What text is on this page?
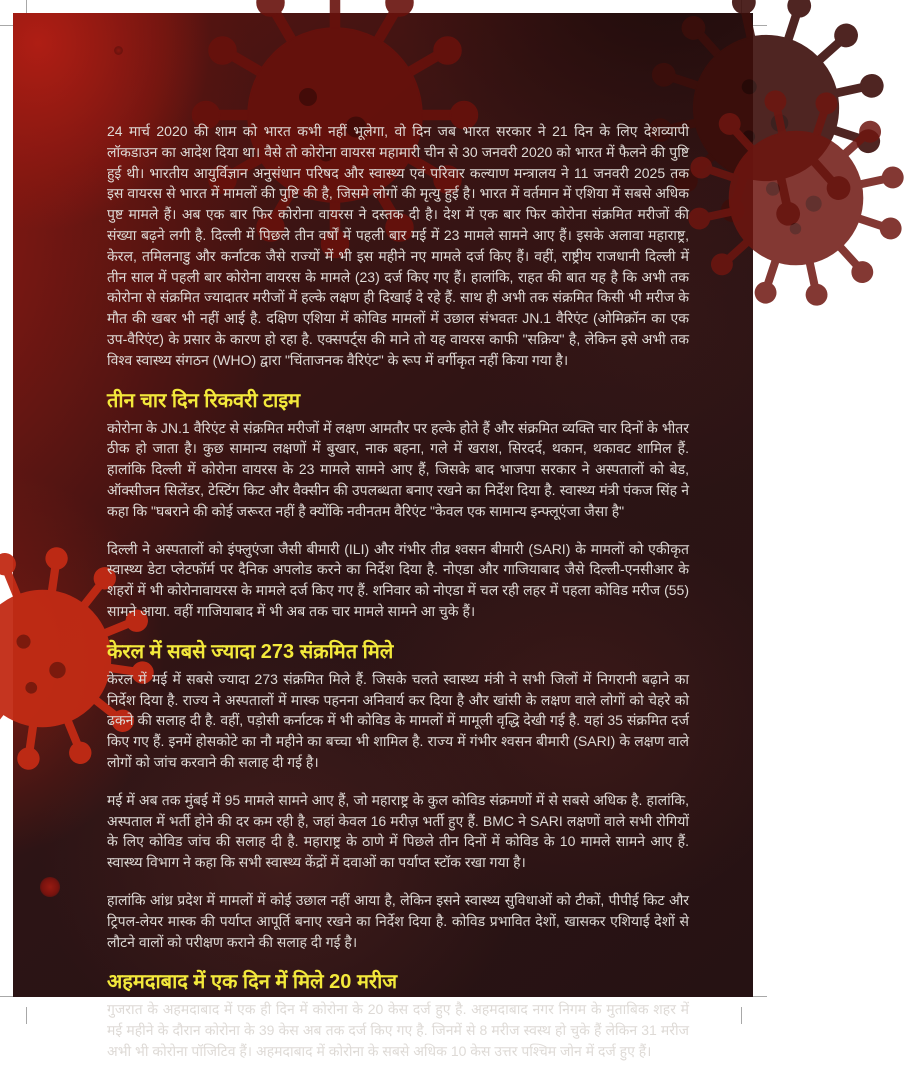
24 मार्च 2020 की शाम को भारत कभी नहीं भूलेगा, वो दिन जब भारत सरकार ने 21 दिन के लिए देशव्यापी लॉकडाउन का आदेश दिया था। वैसे तो कोरोना वायरस महामारी चीन से 30 जनवरी 2020 को भारत में फैलने की पुष्टि हुई थी। भारतीय आयुर्विज्ञान अनुसंधान परिषद और स्वास्थ्य एवं परिवार कल्याण मन्त्रालय ने 11 जनवरी 2025 तक इस वायरस से भारत में मामलों की पुष्टि की है, जिसमे लोगों की मृत्यु हुई है। भारत में वर्तमान में एशिया में सबसे अधिक पुष्ट मामले हैं। अब एक बार फिर कोरोना वायरस ने दस्तक दी है। देश में एक बार फिर कोरोना संक्रमित मरीजों की संख्या बढ़ने लगी है. दिल्ली में पिछले तीन वर्षों में पहली बार मई में 23 मामले सामने आए हैं। इसके अलावा महाराष्ट्र, केरल, तमिलनाडु और कर्नाटक जैसे राज्यों में भी इस महीने नए मामले दर्ज किए हैं। वहीं, राष्ट्रीय राजधानी दिल्ली में तीन साल में पहली बार कोरोना वायरस के मामले (23) दर्ज किए गए हैं। हालांकि, राहत की बात यह है कि अभी तक कोरोना से संक्रमित ज्यादातर मरीजों में हल्के लक्षण ही दिखाई दे रहे हैं. साथ ही अभी तक संक्रमित किसी भी मरीज के मौत की खबर भी नहीं आई है. दक्षिण एशिया में कोविड मामलों में उछाल संभवतः JN.1 वैरिएंट (ओमिक्रॉन का एक उप-वैरिएंट) के प्रसार के कारण हो रहा है. एक्सपर्ट्स की माने तो यह वायरस काफी "सक्रिय" है, लेकिन इसे अभी तक विश्व स्वास्थ्य संगठन (WHO) द्वारा "चिंताजनक वैरिएंट" के रूप में वर्गीकृत नहीं किया गया है।

तीन चार दिन रिकवरी टाइम

कोरोना के JN.1 वैरिएंट से संक्रमित मरीजों में लक्षण आमतौर पर हल्के होते हैं और संक्रमित व्यक्ति चार दिनों के भीतर ठीक हो जाता है। कुछ सामान्य लक्षणों में बुखार, नाक बहना, गले में खराश, सिरदर्द, थकान, थकावट शामिल हैं. हालांकि दिल्ली में कोरोना वायरस के 23 मामले सामने आए हैं, जिसके बाद भाजपा सरकार ने अस्पतालों को बेड, ऑक्सीजन सिलेंडर, टेस्टिंग किट और वैक्सीन की उपलब्धता बनाए रखने का निर्देश दिया है. स्वास्थ्य मंत्री पंकज सिंह ने कहा कि "घबराने की कोई जरूरत नहीं है क्योंकि नवीनतम वैरिएंट "केवल एक सामान्य इन्फ्लूएंजा जैसा है"

दिल्ली ने अस्पतालों को इंफ्लुएंजा जैसी बीमारी (ILI) और गंभीर तीव्र श्वसन बीमारी (SARI) के मामलों को एकीकृत स्वास्थ्य डेटा प्लेटफॉर्म पर दैनिक अपलोड करने का निर्देश दिया है. नोएडा और गाजियाबाद जैसे दिल्ली-एनसीआर के शहरों में भी कोरोनावायरस के मामले दर्ज किए गए हैं. शनिवार को नोएडा में चल रही लहर में पहला कोविड मरीज (55) सामने आया. वहीं गाजियाबाद में भी अब तक चार मामले सामने आ चुके हैं।

केरल में सबसे ज्यादा 273 संक्रमित मिले

केरल में मई में सबसे ज्यादा 273 संक्रमित मिले हैं. जिसके चलते स्वास्थ्य मंत्री ने सभी जिलों में निगरानी बढ़ाने का निर्देश दिया है. राज्य ने अस्पतालों में मास्क पहनना अनिवार्य कर दिया है और खांसी के लक्षण वाले लोगों को चेहरे को ढकने की सलाह दी है. वहीं, पड़ोसी कर्नाटक में भी कोविड के मामलों में मामूली वृद्धि देखी गई है. यहां 35 संक्रमित दर्ज किए गए हैं. इनमें होसकोटे का नौ महीने का बच्चा भी शामिल है. राज्य में गंभीर श्वसन बीमारी (SARI) के लक्षण वाले लोगों को जांच करवाने की सलाह दी गई है।

मई में अब तक मुंबई में 95 मामले सामने आए हैं, जो महाराष्ट्र के कुल कोविड संक्रमणों में से सबसे अधिक है. हालांकि, अस्पताल में भर्ती होने की दर कम रही है, जहां केवल 16 मरीज़ भर्ती हुए हैं. BMC ने SARI लक्षणों वाले सभी रोगियों के लिए कोविड जांच की सलाह दी है. महाराष्ट्र के ठाणे में पिछले तीन दिनों में कोविड के 10 मामले सामने आए हैं. स्वास्थ्य विभाग ने कहा कि सभी स्वास्थ्य केंद्रों में दवाओं का पर्याप्त स्टॉक रखा गया है।

हालांकि आंध्र प्रदेश में मामलों में कोई उछाल नहीं आया है, लेकिन इसने स्वास्थ्य सुविधाओं को टीकों, पीपीई किट और ट्रिपल-लेयर मास्क की पर्याप्त आपूर्ति बनाए रखने का निर्देश दिया है. कोविड प्रभावित देशों, खासकर एशियाई देशों से लौटने वालों को परीक्षण कराने की सलाह दी गई है।

अहमदाबाद में एक दिन में मिले 20 मरीज

गुजरात के अहमदाबाद में एक ही दिन में कोरोना के 20 केस दर्ज हुए है. अहमदाबाद नगर निगम के मुताबिक शहर में मई महीने के दौरान कोरोना के 39 केस अब तक दर्ज किए गए है. जिनमें से 8 मरीज स्वस्थ हो चुके हैं लेकिन 31 मरीज अभी भी कोरोना पॉजिटिव हैं। अहमदाबाद में कोरोना के सबसे अधिक 10 केस उत्तर पश्चिम जोन में दर्ज हुए हैं।
